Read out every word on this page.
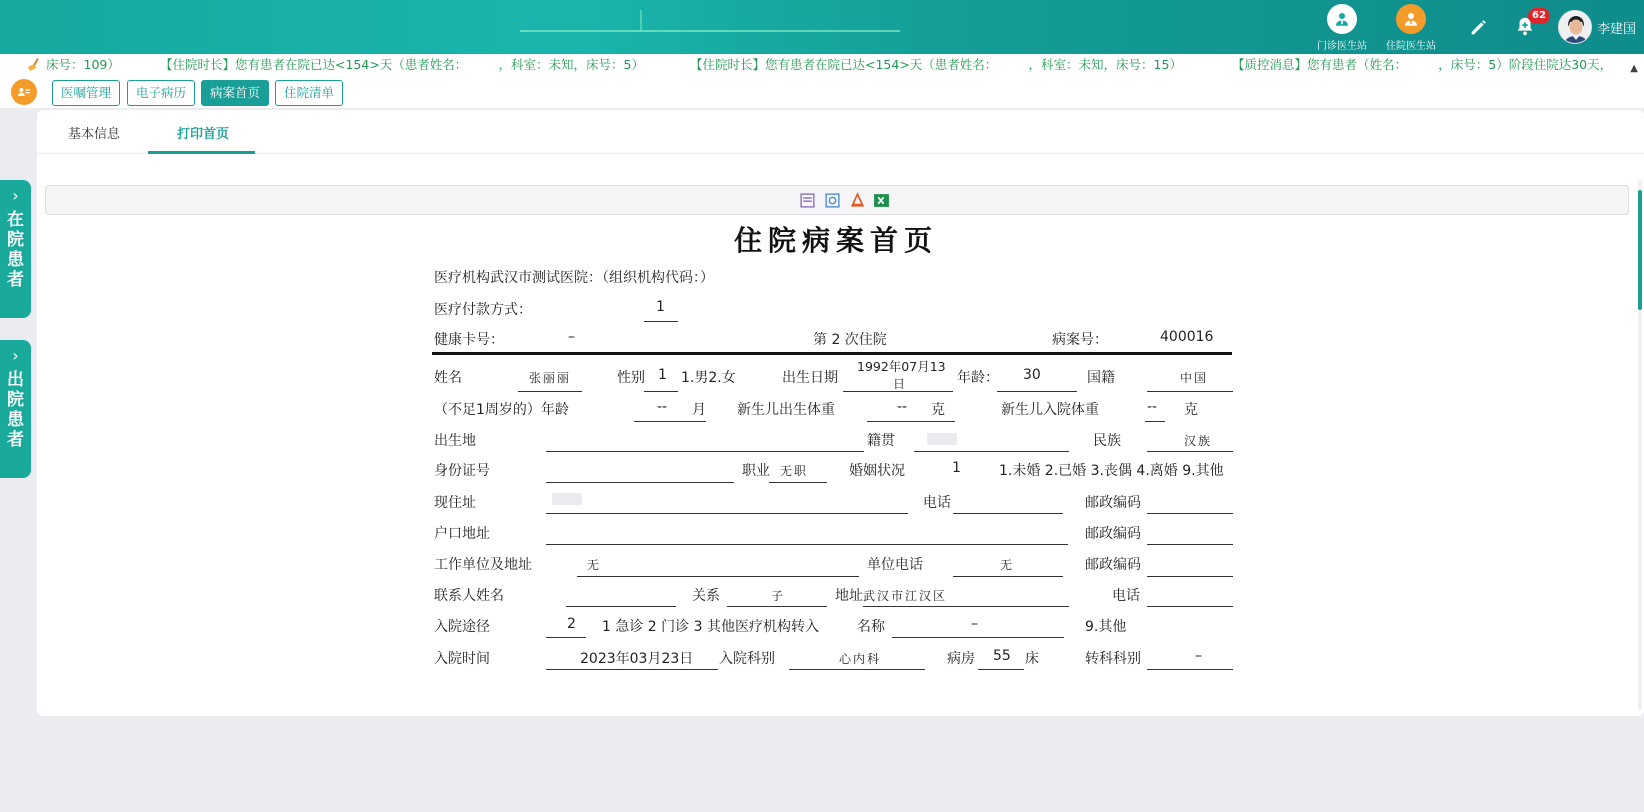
门诊医生站	住院医生站
62
李建国
床号：109）	【住院时长】您有患者在院已达<154>天（患者姓名：　　　，科室：未知，床号：5）	【住院时长】您有患者在院已达<154>天（患者姓名：　　　，科室：未知，床号：15）	【质控消息】您有患者（姓名：　　　，床号：5）阶段住院达30天， ▲
医嘱管理	电子病历	病案首页	住院清单
›
在院患者
›
出院患者
基本信息	打印首页
住院病案首页
医疗机构武汉市测试医院：（组织机构代码：）
医疗付款方式：	1
健康卡号：	–	第 2 次住院	病案号：	400016
姓名	张丽丽	性别 1 1.男2.女	出生日期
1992年07月13
日	年龄： 30	国籍	中国
（不足1周岁的）年龄	-- 月 新生儿出生体重	-- 克	新生儿入院体重	-- 克
出生地	籍贯	民族	汉族
身份证号	职业 无职	婚姻状况	1	1.未婚 2.已婚 3.丧偶 4.离婚 9.其他
现住址	电话	邮政编码
户口地址	邮政编码
工作单位及地址	无	单位电话	无	邮政编码
联系人姓名	关系	子	地址 武汉市江汉区	电话
入院途径	2 1 急诊 2 门诊 3 其他医疗机构转入	名称	–	9.其他
入院时间	2023年03月23日 入院科别	心内科	病房 55 床	转科科别	–
